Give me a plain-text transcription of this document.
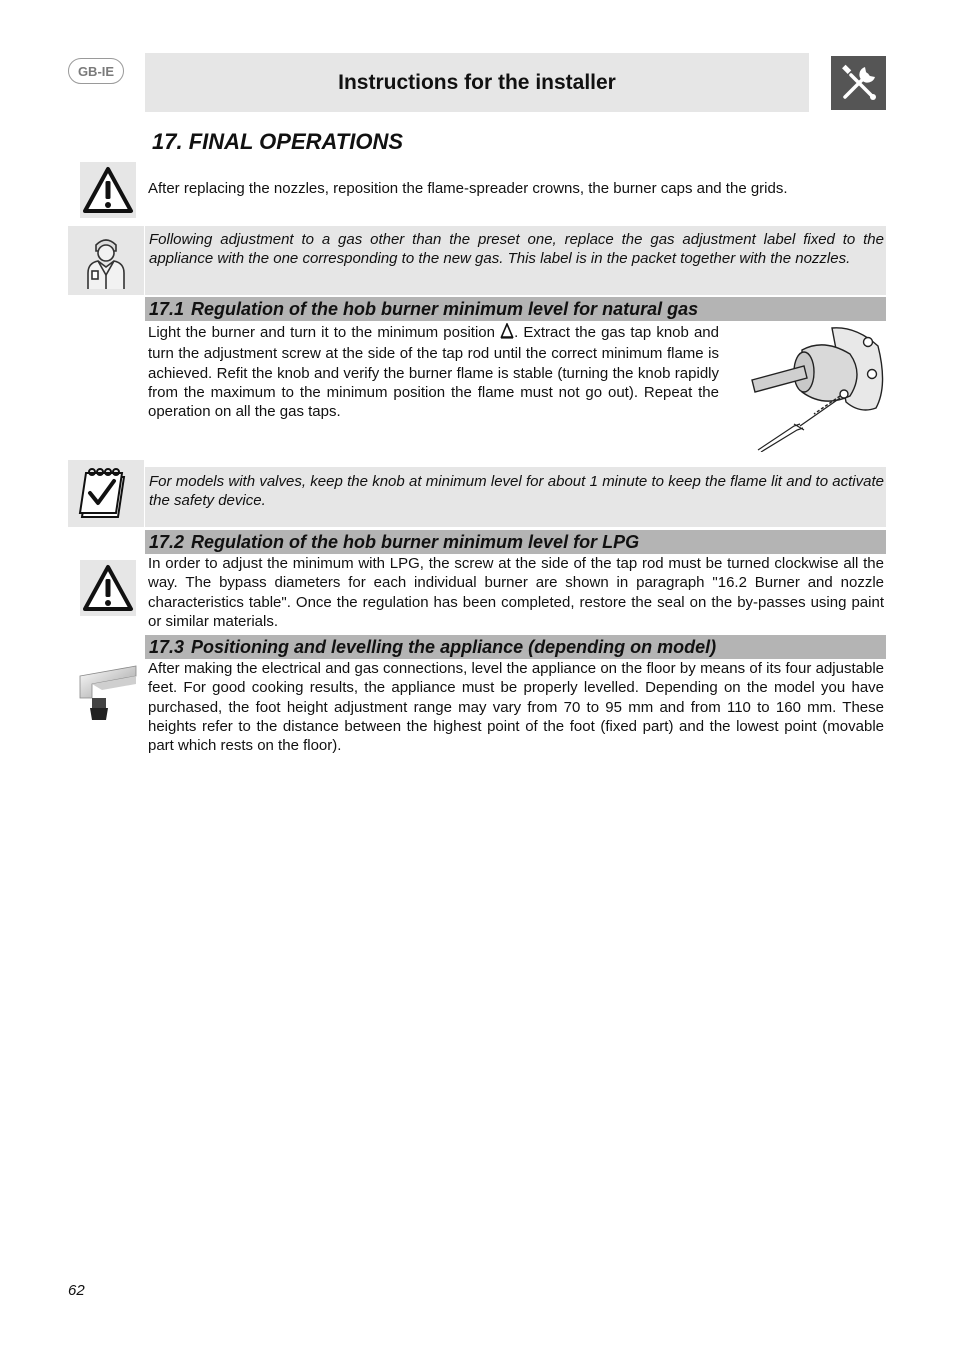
GB-IE	Instructions for the installer
17. FINAL OPERATIONS
After replacing the nozzles, reposition the flame-spreader crowns, the burner caps and the grids.
Following adjustment to a gas other than the preset one, replace the gas adjustment label fixed to the appliance with the one corresponding to the new gas. This label is in the packet together with the nozzles.
17.1 Regulation of the hob burner minimum level for natural gas
Light the burner and turn it to the minimum position . Extract the gas tap knob and turn the adjustment screw at the side of the tap rod until the correct minimum flame is achieved. Refit the knob and verify the burner flame is stable (turning the knob rapidly from the maximum to the minimum position the flame must not go out). Repeat the operation on all the gas taps.
For models with valves, keep the knob at minimum level for about 1 minute to keep the flame lit and to activate the safety device.
17.2 Regulation of the hob burner minimum level for LPG
In order to adjust the minimum with LPG, the screw at the side of the tap rod must be turned clockwise all the way. The bypass diameters for each individual burner are shown in paragraph "16.2 Burner and nozzle characteristics table". Once the regulation has been completed, restore the seal on the by-passes using paint or similar materials.
17.3 Positioning and levelling the appliance (depending on model)
After making the electrical and gas connections, level the appliance on the floor by means of its four adjustable feet. For good cooking results, the appliance must be properly levelled. Depending on the model you have purchased, the foot height adjustment range may vary from 70 to 95 mm and from 110 to 160 mm. These heights refer to the distance between the highest point of the foot (fixed part) and the lowest point (movable part which rests on the floor).
62
